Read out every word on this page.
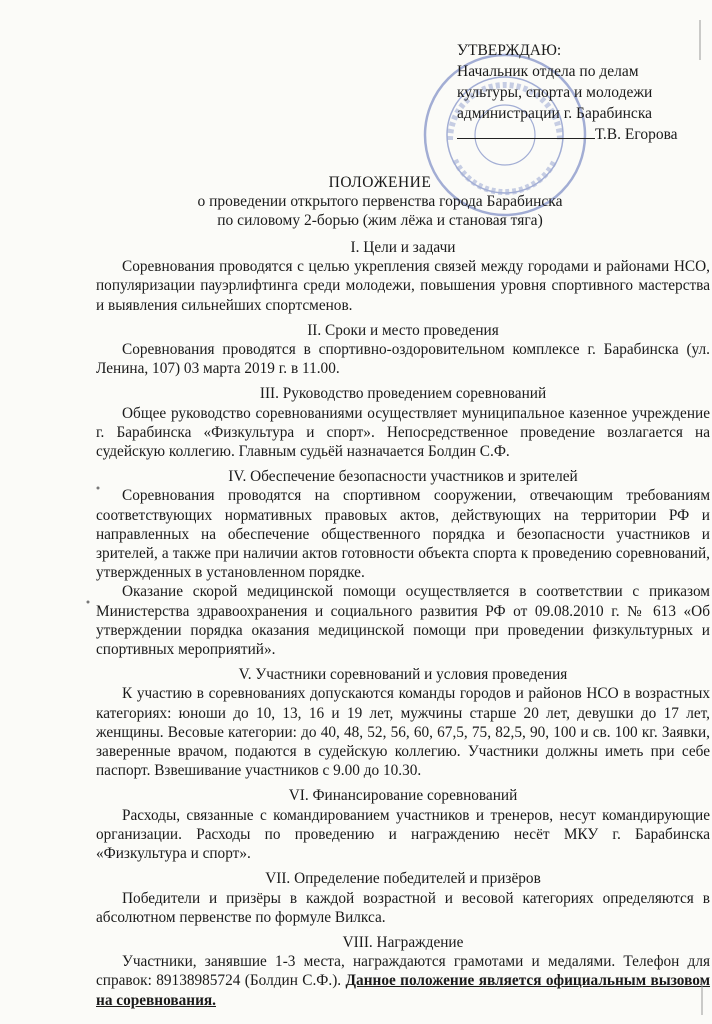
УТВЕРЖДАЮ:
Начальник отдела по делам
культуры, спорта и молодежи
администрации г. Барабинска
Т.В. Егорова
ПОЛОЖЕНИЕ
о проведении открытого первенства города Барабинска
по силовому 2-борью (жим лёжа и становая тяга)
I. Цели и задачи

Соревнования проводятся с целью укрепления связей между городами и районами НСО, популяризации пауэрлифтинга среди молодежи, повышения уровня спортивного мастерства и выявления сильнейших спортсменов.

II. Сроки и место проведения

Соревнования проводятся в спортивно-оздоровительном комплексе г. Барабинска (ул. Ленина, 107) 03 марта 2019 г. в 11.00.

III. Руководство проведением соревнований

Общее руководство соревнованиями осуществляет муниципальное казенное учреждение г. Барабинска «Физкультура и спорт». Непосредственное проведение возлагается на судейскую коллегию. Главным судьёй назначается Болдин С.Ф.

IV. Обеспечение безопасности участников и зрителей

Соревнования проводятся на спортивном сооружении, отвечающим требованиям соответствующих нормативных правовых актов, действующих на территории РФ и направленных на обеспечение общественного порядка и безопасности участников и зрителей, а также при наличии актов готовности объекта спорта к проведению соревнований, утвержденных в установленном порядке.

Оказание скорой медицинской помощи осуществляется в соответствии с приказом Министерства здравоохранения и социального развития РФ от 09.08.2010 г. № 613 «Об утверждении порядка оказания медицинской помощи при проведении физкультурных и спортивных мероприятий».

V. Участники соревнований и условия проведения

К участию в соревнованиях допускаются команды городов и районов НСО в возрастных категориях: юноши до 10, 13, 16 и 19 лет, мужчины старше 20 лет, девушки до 17 лет, женщины. Весовые категории: до 40, 48, 52, 56, 60, 67,5, 75, 82,5, 90, 100 и св. 100 кг. Заявки, заверенные врачом, подаются в судейскую коллегию. Участники должны иметь при себе паспорт. Взвешивание участников с 9.00 до 10.30.

VI. Финансирование соревнований

Расходы, связанные с командированием участников и тренеров, несут командирующие организации. Расходы по проведению и награждению несёт МКУ г. Барабинска «Физкультура и спорт».

VII. Определение победителей и призёров

Победители и призёры в каждой возрастной и весовой категориях определяются в абсолютном первенстве по формуле Вилкса.

VIII. Награждение

Участники, занявшие 1-3 места, награждаются грамотами и медалями. Телефон для справок: 89138985724 (Болдин С.Ф.). Данное положение является официальным вызовом на соревнования.
